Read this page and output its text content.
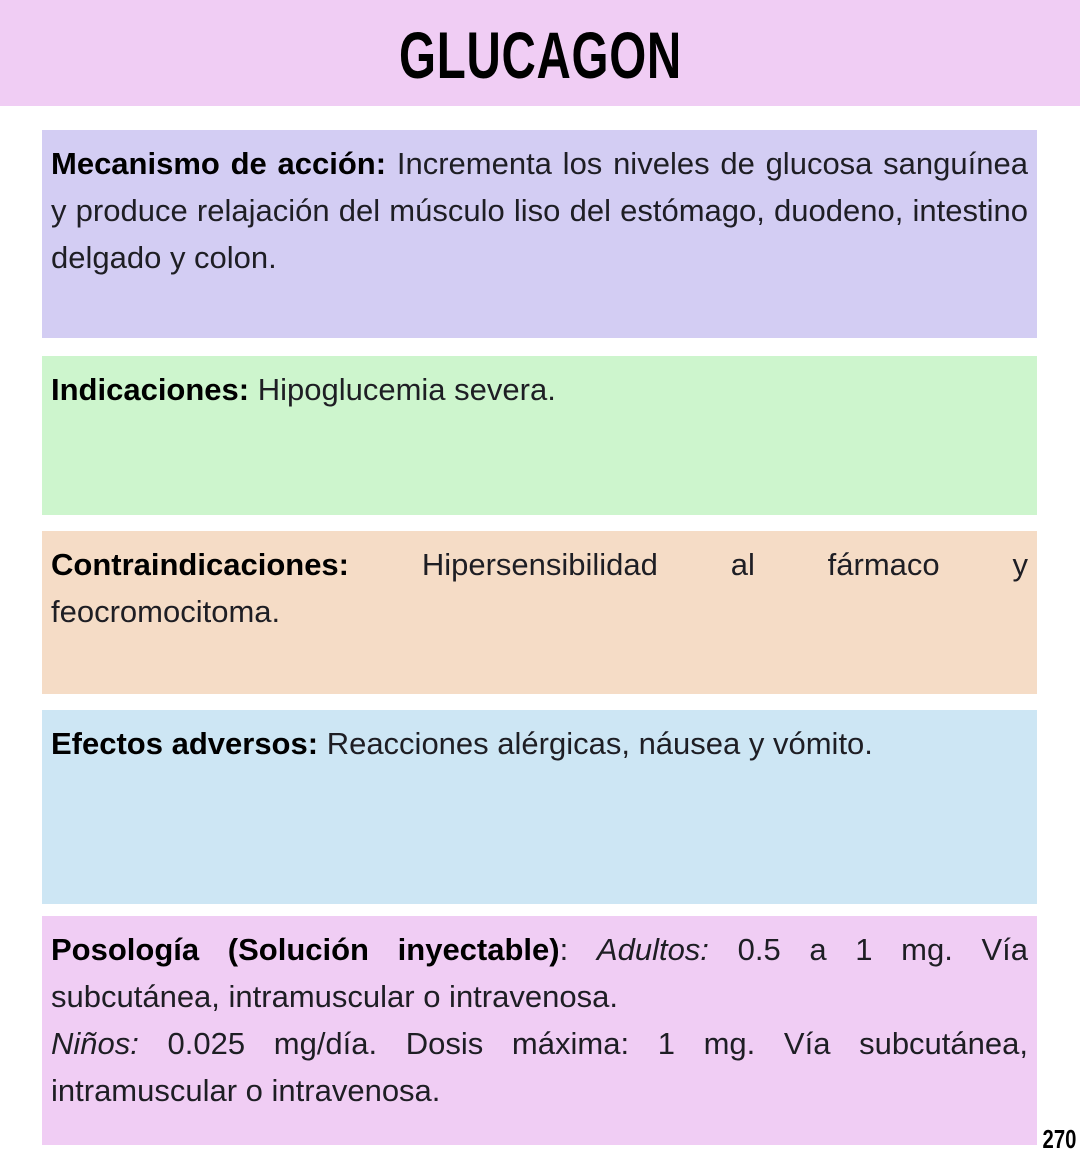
GLUCAGON

Mecanismo de acción: Incrementa los niveles de glucosa sanguínea y produce relajación del músculo liso del estómago, duodeno, intestino delgado y colon.

Indicaciones: Hipoglucemia severa.

Contraindicaciones: Hipersensibilidad al fármaco y feocromocitoma.

Efectos adversos: Reacciones alérgicas, náusea y vómito.

Posología (Solución inyectable): Adultos: 0.5 a 1 mg. Vía subcutánea, intramuscular o intravenosa.

Niños: 0.025 mg/día. Dosis máxima: 1 mg. Vía subcutánea, intramuscular o intravenosa.

270
